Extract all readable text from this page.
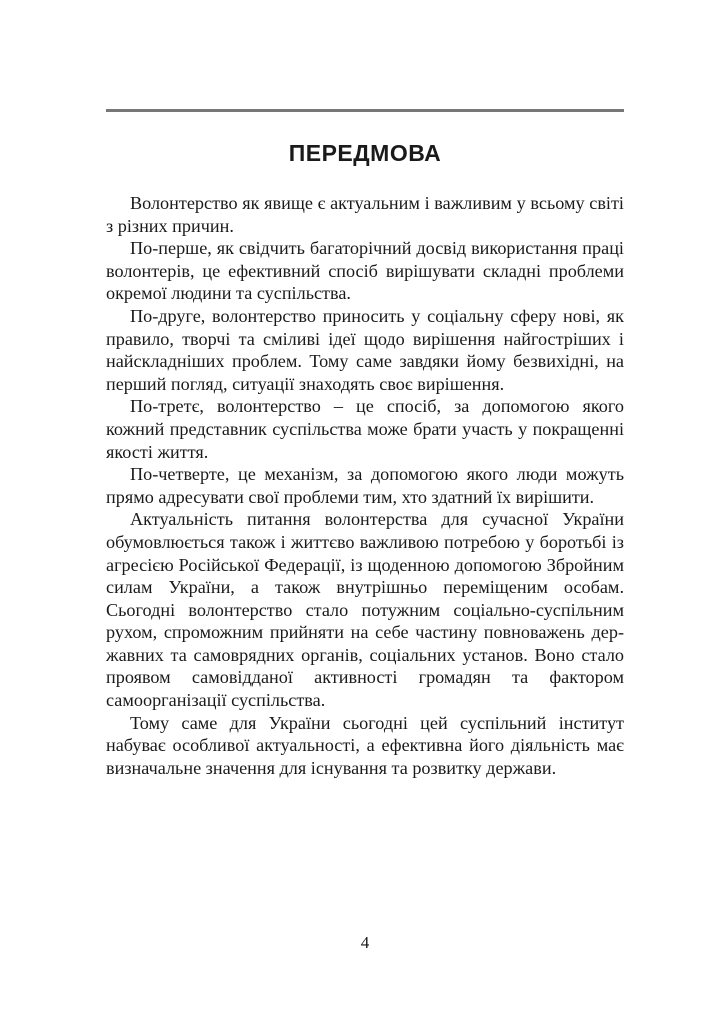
ПЕРЕДМОВА

Волонтерство як явище є актуальним і важливим у всьому світі з різних причин.

По-перше, як свідчить багаторічний досвід використання праці волонтерів, це ефективний спосіб вирішувати складні проблеми окремої людини та суспільства.

По-друге, волонтерство приносить у соціальну сферу нові, як правило, творчі та сміливі ідеї щодо вирішення найгостріших і найскладніших проблем. Тому саме завдяки йому безвихідні, на перший погляд, ситуації знаходять своє вирішення.

По-третє, волонтерство – це спосіб, за допомогою якого кожний представник суспільства може брати участь у покращенні якості життя.

По-четверте, це механізм, за допомогою якого люди можуть прямо адресувати свої проблеми тим, хто здатний їх вирішити.

Актуальність питання волонтерства для сучасної України обумовлюється також і життєво важливою потребою у боротьбі із агресією Російської Федерації, із щоденною допомогою Збройним силам України, а також внутрішньо переміщеним особам. Сьогодні волонтерство стало потужним соціально-суспільним рухом, спроможним прийняти на себе частину повноважень державних та самоврядних органів, соціальних установ. Воно стало проявом самовідданої активності громадян та фактором самоорганізації суспільства.

Тому саме для України сьогодні цей суспільний інститут набуває особливої актуальності, а ефективна його діяльність має визначальне значення для існування та розвитку держави.

4
